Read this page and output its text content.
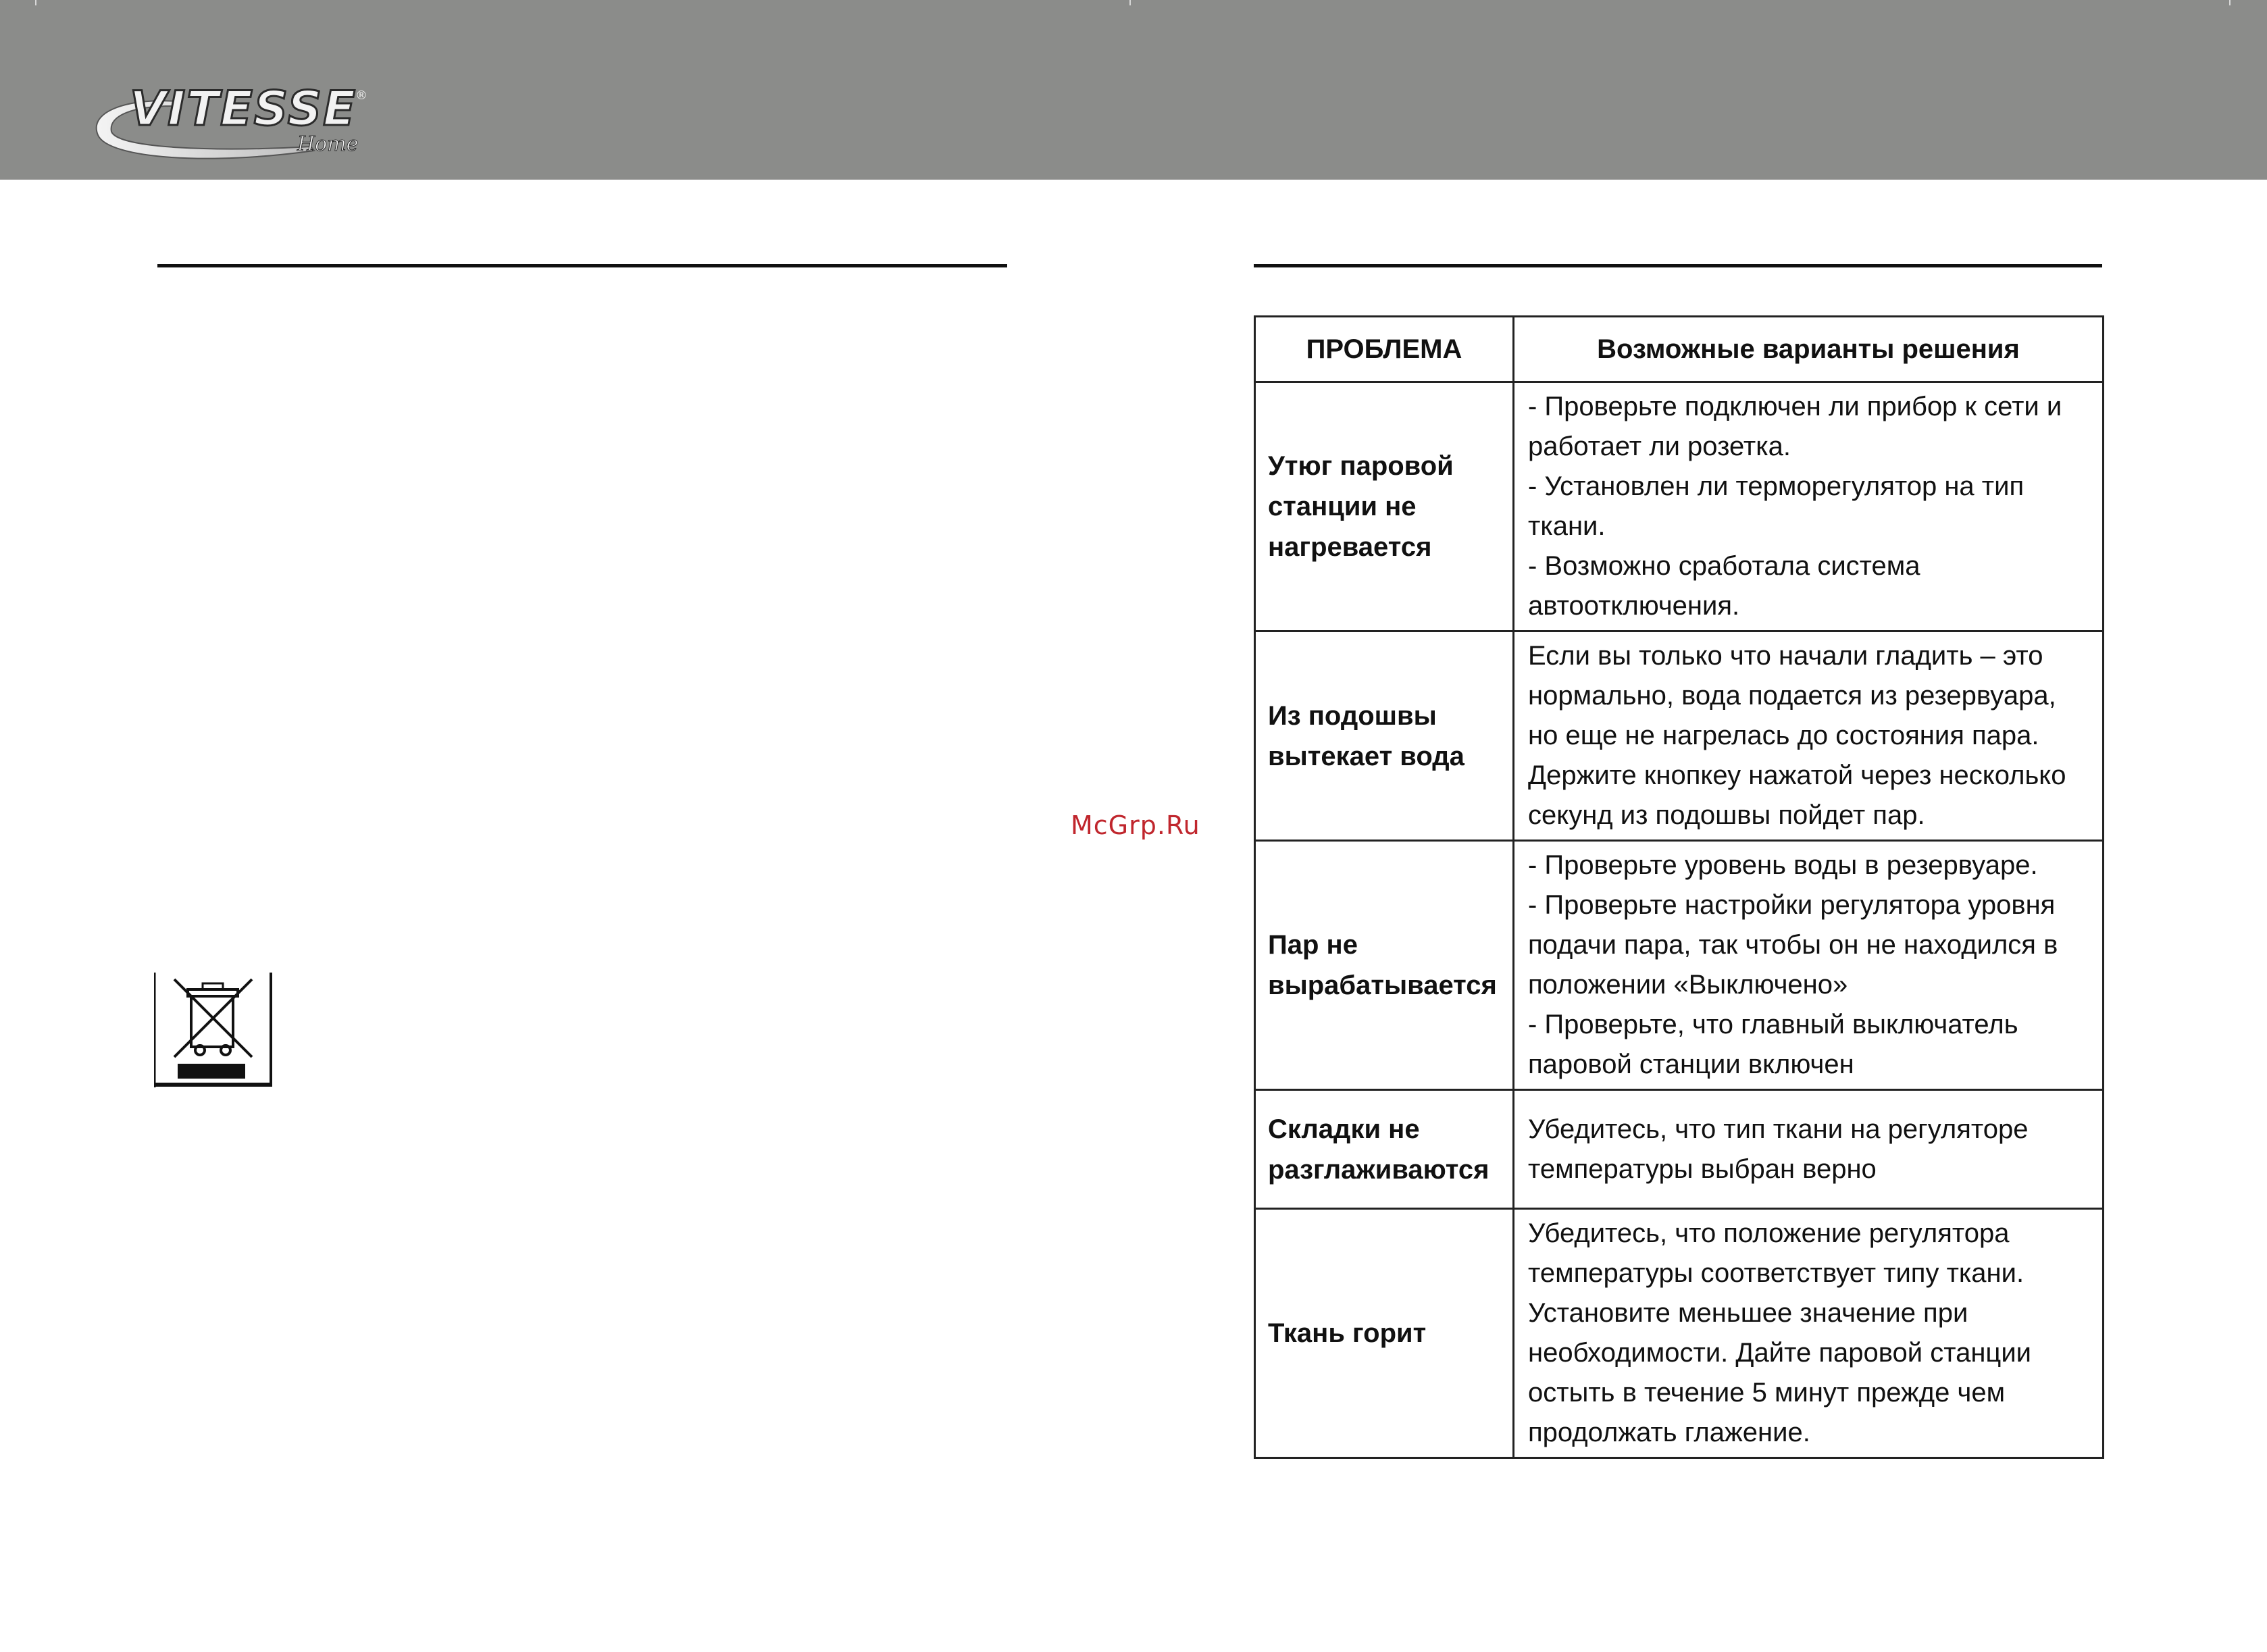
VITESSE
®
Home
McGrp.Ru
ПРОБЛЕМА	Возможные варианты решения
Утюг паровой станции не нагревается	- Проверьте подключен ли прибор к сети и работает ли розетка.
- Установлен ли терморегулятор на тип ткани.
- Возможно сработала система автоотключения.

Из подошвы вытекает вода	Если вы только что начали гладить – это нормально, вода подается из резервуара, но еще не нагрелась до состояния пара. Держите кнопкеу нажатой через несколько секунд из подошвы пойдет пар.

Пар не вырабатывается	- Проверьте уровень воды в резервуаре.
- Проверьте настройки регулятора уровня подачи пара, так чтобы он не находился в положении «Выключено»
- Проверьте, что главный выключатель паровой станции включен

Складки не разглаживаются	Убедитесь, что тип ткани на регуляторе температуры выбран верно

Ткань горит	Убедитесь, что положение регулятора температуры соответствует типу ткани. Установите меньшее значение при необходимости. Дайте паровой станции остыть в течение 5 минут прежде чем продолжать глажение.
